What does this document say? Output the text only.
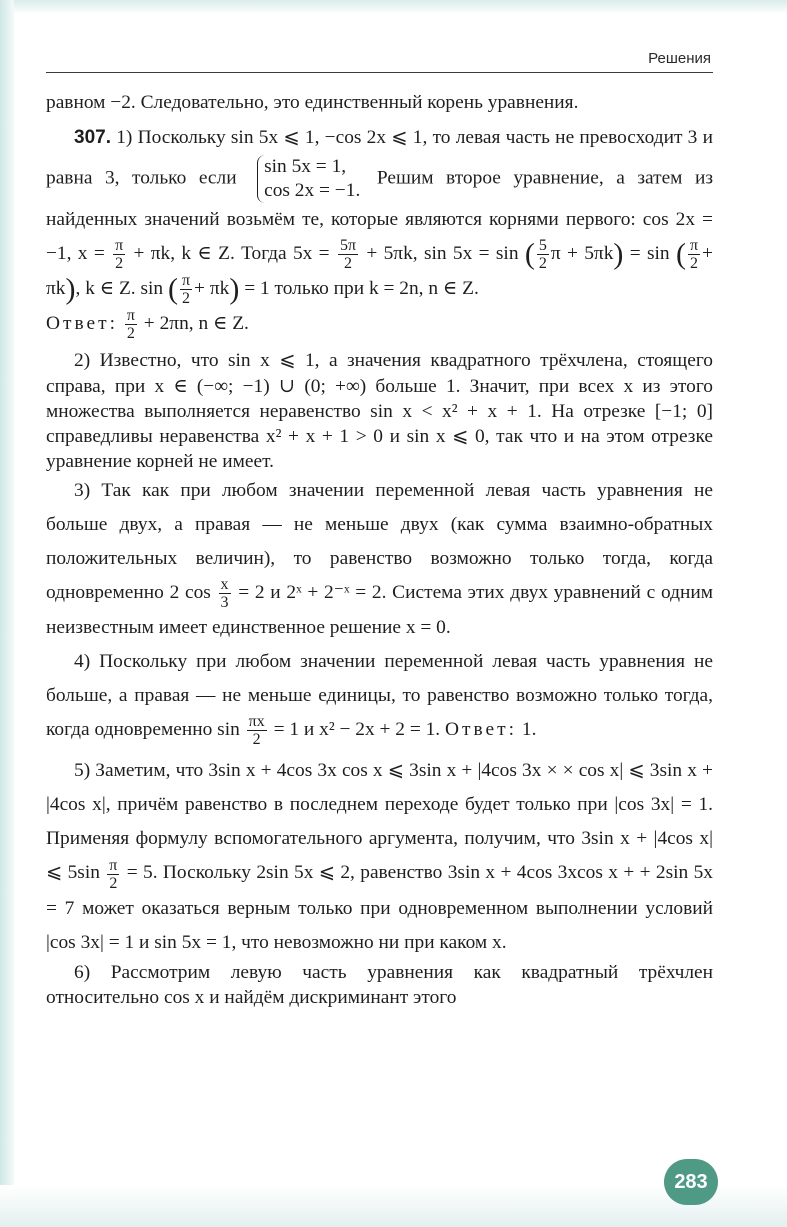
Решения

равном −2. Следовательно, это единственный корень уравнения.

307. 1) Поскольку sin 5x ⩽ 1, −cos 2x ⩽ 1, то левая часть не превосходит 3 и равна 3, только если
sin 5x = 1,
cos 2x = −1.
Решим второе уравнение, а затем из найденных значений возьмём те, которые являются корнями первого: cos 2x = −1, $x = \frac{\pi}{2} + \pi k$, k ∈ Z. Тогда $5x = \frac{5\pi}{2} + 5\pi k$, sin 5x = sin ( $\frac{5}{2}$ π + 5πk) = sin ( $\frac{\pi}{2} + \pi k$), k ∈ Z. sin ( $\frac{\pi}{2} + \pi k) = 1$ только при k = 2n, n ∈ Z.

Ответ: $\frac{\pi}{2} + 2\pi n$, n ∈ Z.

2) Известно, что sin x ⩽ 1, а значения квадратного трёхчлена, стоящего справа, при x ∈ (−∞; −1) ∪ (0; +∞) больше 1. Значит, при всех x из этого множества выполняется неравенство sin x < x² + x + 1. На отрезке [−1; 0] справедливы неравенства x² + x + 1 > 0 и sin x ⩽ 0, так что и на этом отрезке уравнение корней не имеет.

3) Так как при любом значении переменной левая часть уравнения не больше двух, а правая — не меньше двух (как сумма взаимно-обратных положительных величин), то равенство возможно только тогда, когда одновременно 2 $\cos \frac{x}{3} = 2$ и 2ˣ + 2⁻ˣ = 2. Система этих двух уравнений с одним неизвестным имеет единственное решение x = 0.

4) Поскольку при любом значении переменной левая часть уравнения не больше, а правая — не меньше единицы, то равенство возможно только тогда, когда одновременно $\sin \frac{\pi x}{2} = 1$ и x² − 2x + 2 = 1. Ответ: 1.

5) Заметим, что 3sin x + 4cos 3x cos x ⩽ 3sin x + |4cos 3x × × cos x| ⩽ 3sin x + |4cos x|, причём равенство в последнем переходе будет только при |cos 3x| = 1. Применяя формулу вспомогательного аргумента, получим, что 3sin x + |4cos x| ⩽ $5\sin \frac{\pi}{2} = 5$. Поскольку 2sin 5x ⩽ 2, равенство 3sin x + 4cos 3xcos x + + 2sin 5x = 7 может оказаться верным только при одновременном выполнении условий |cos 3x| = 1 и sin 5x = 1, что невозможно ни при каком x.

6) Рассмотрим левую часть уравнения как квадратный трёхчлен относительно cos x и найдём дискриминант этого

283
